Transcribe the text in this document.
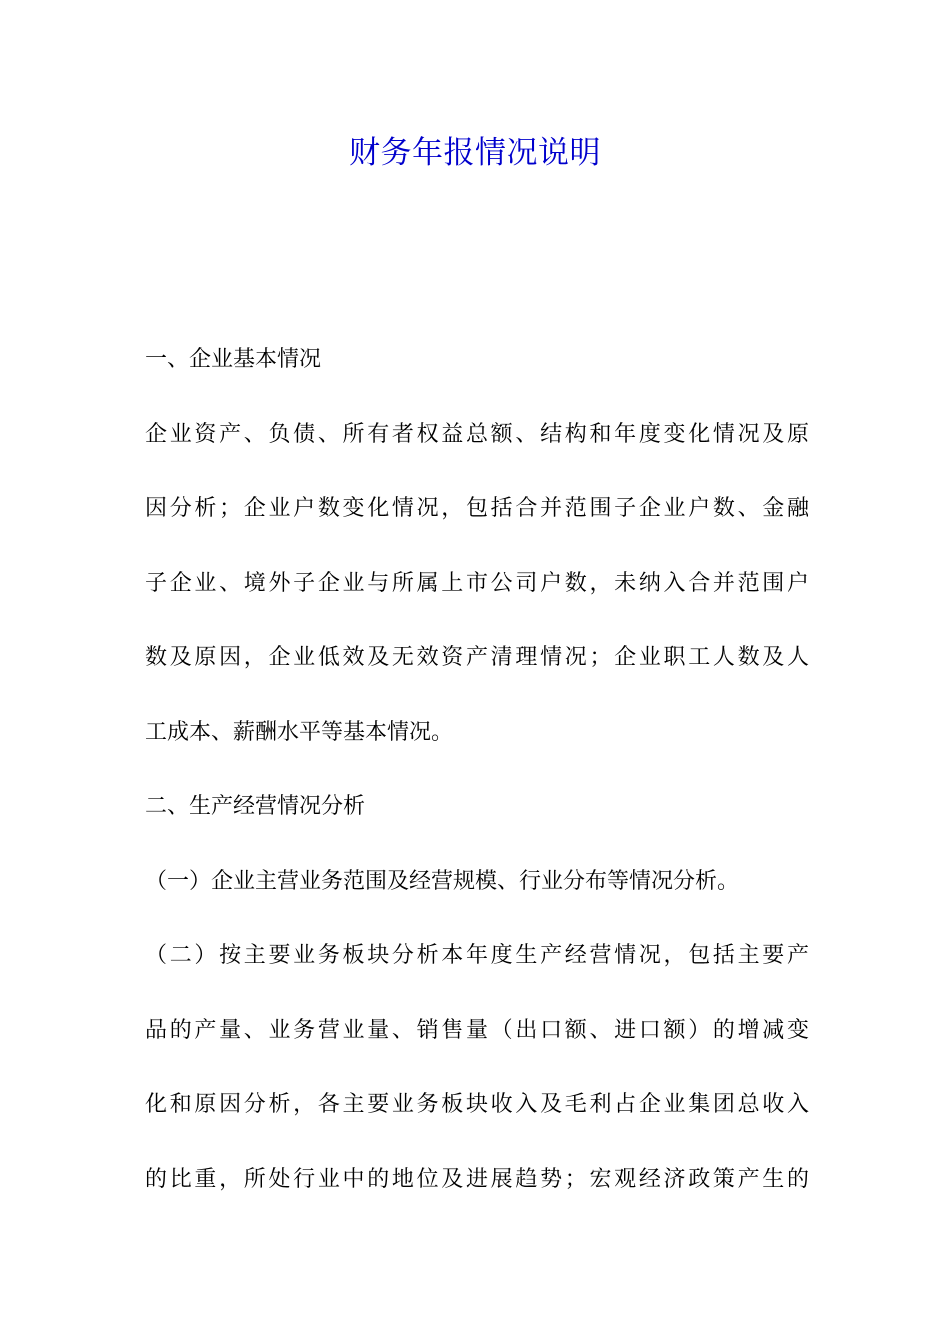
财务年报情况说明
一、企业基本情况
企业资产、负债、所有者权益总额、结构和年度变化情况及原
因分析；企业户数变化情况，包括合并范围子企业户数、金融
子企业、境外子企业与所属上市公司户数，未纳入合并范围户
数及原因，企业低效及无效资产清理情况；企业职工人数及人
工成本、薪酬水平等基本情况。
二、生产经营情况分析
（一）企业主营业务范围及经营规模、行业分布等情况分析。
（二）按主要业务板块分析本年度生产经营情况，包括主要产
品的产量、业务营业量、销售量（出口额、进口额）的增减变
化和原因分析，各主要业务板块收入及毛利占企业集团总收入
的比重，所处行业中的地位及进展趋势；宏观经济政策产生的
